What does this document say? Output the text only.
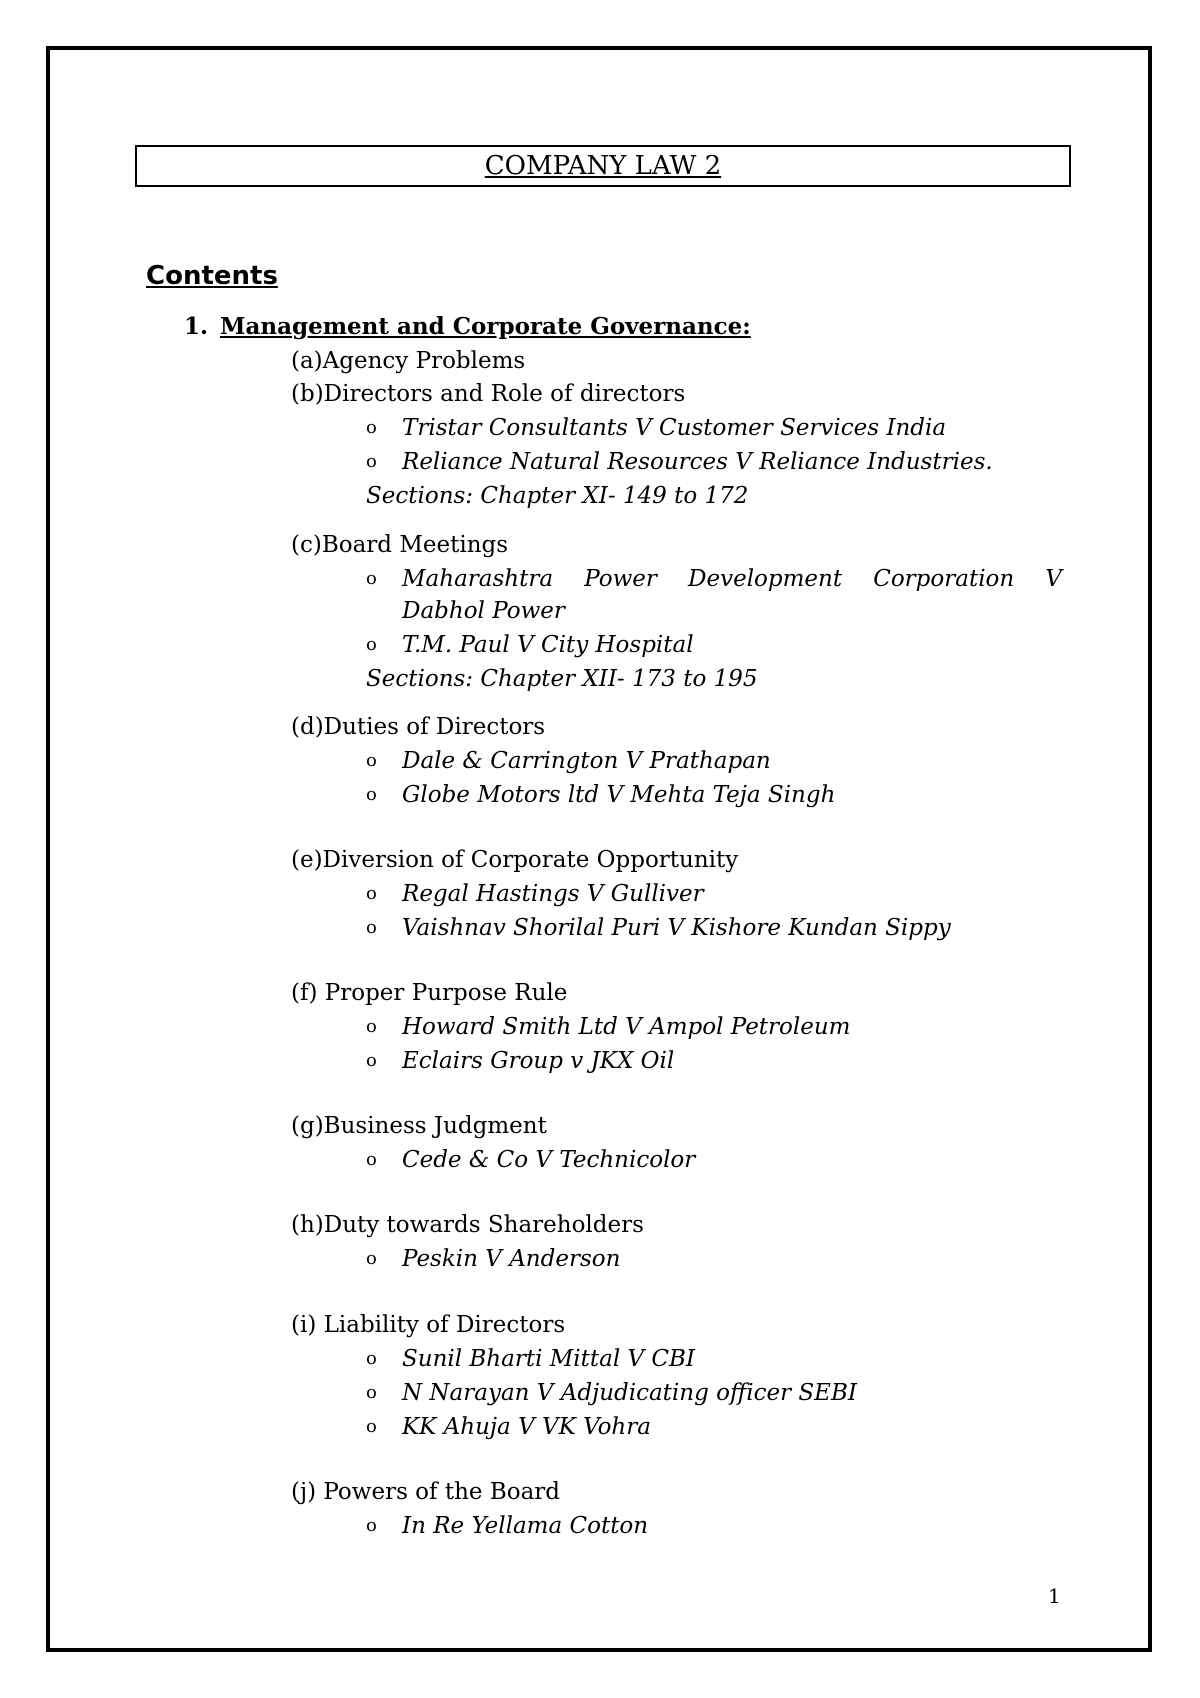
COMPANY LAW 2
Contents
1. Management and Corporate Governance:
(a)Agency Problems
(b)Directors and Role of directors
o Tristar Consultants V Customer Services India
o Reliance Natural Resources V Reliance Industries.
Sections: Chapter XI- 149 to 172
(c)Board Meetings
o Maharashtra Power Development Corporation V
Dabhol Power
o T.M. Paul V City Hospital
Sections: Chapter XII- 173 to 195
(d)Duties of Directors
o Dale & Carrington V Prathapan
o Globe Motors ltd V Mehta Teja Singh
(e)Diversion of Corporate Opportunity
o Regal Hastings V Gulliver
o Vaishnav Shorilal Puri V Kishore Kundan Sippy
(f) Proper Purpose Rule
o Howard Smith Ltd V Ampol Petroleum
o Eclairs Group v JKX Oil
(g)Business Judgment
o Cede & Co V Technicolor
(h)Duty towards Shareholders
o Peskin V Anderson
(i) Liability of Directors
o Sunil Bharti Mittal V CBI
o N Narayan V Adjudicating officer SEBI
o KK Ahuja V VK Vohra
(j) Powers of the Board
o In Re Yellama Cotton
1
